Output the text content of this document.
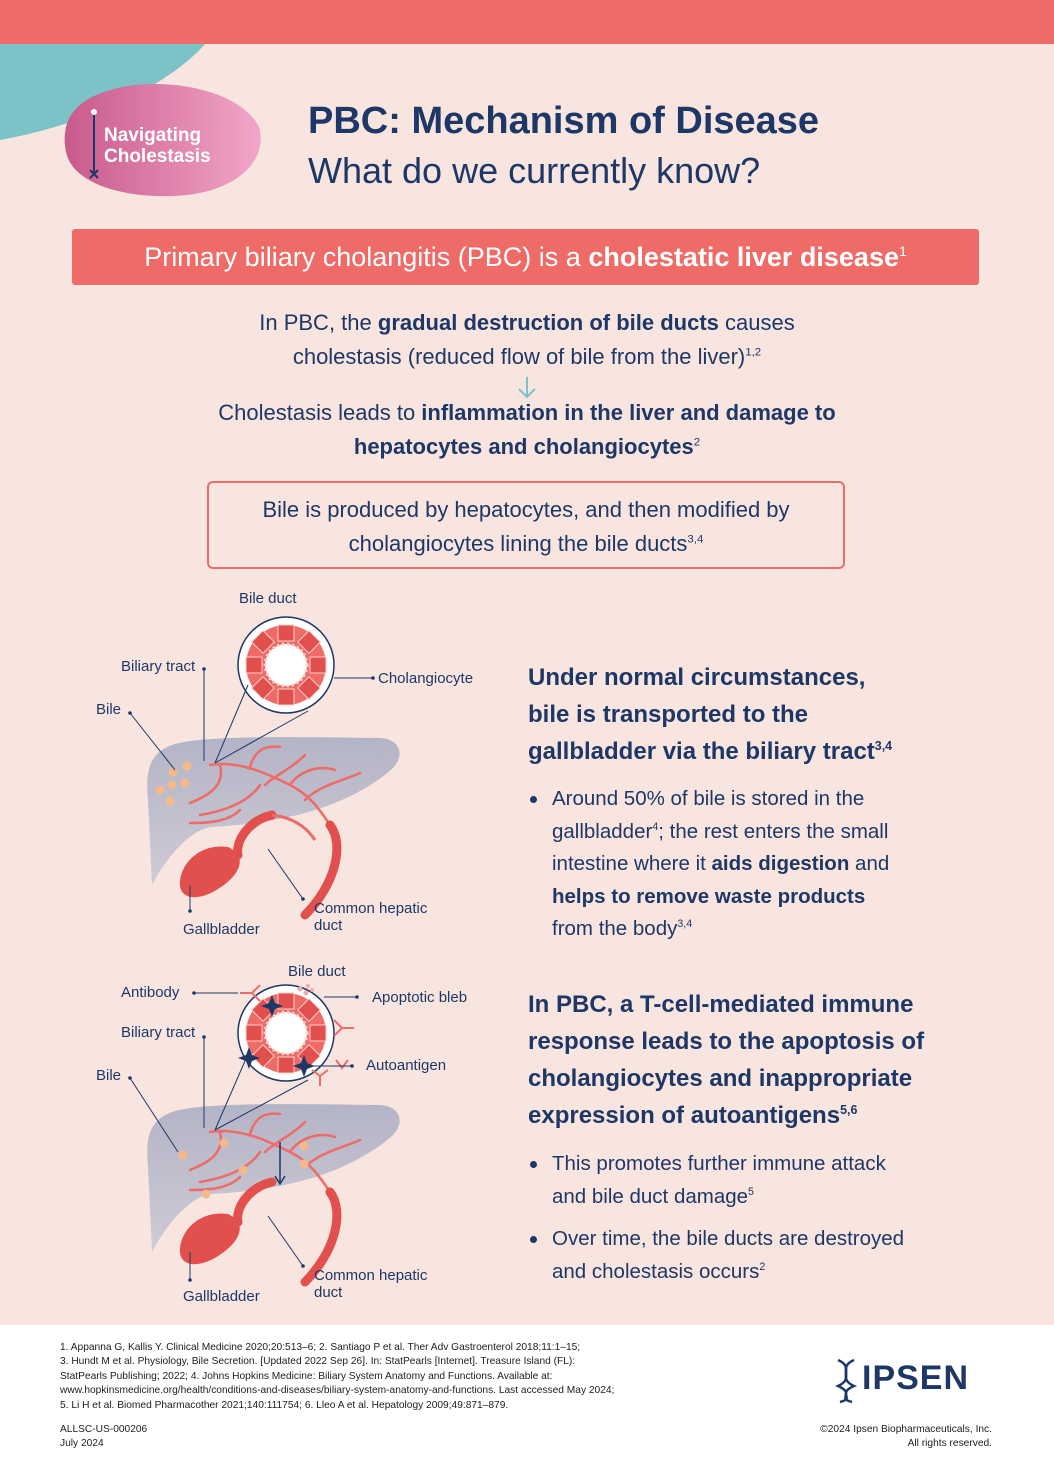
Navigating
Cholestasis
PBC: Mechanism of Disease
What do we currently know?
Primary biliary cholangitis (PBC) is a cholestatic liver disease$^1$
In PBC, the gradual destruction of bile ducts causes
cholestasis (reduced flow of bile from the liver)$^{1,2}$
Cholestasis leads to inflammation in the liver and damage to
hepatocytes and cholangiocytes$^2$
Bile is produced by hepatocytes, and then modified by
cholangiocytes lining the bile ducts$^{3,4}$
Bile duct
Biliary tract
Bile
Cholangiocyte
Gallbladder
Common hepatic
duct
Bile duct
Antibody	Apoptotic bleb
Biliary tract
Autoantigen
Bile
Gallbladder
Common hepatic
duct
Under normal circumstances,
bile is transported to the
gallbladder via the biliary tract$^{3,4}$
Around 50% of bile is stored in the
gallbladder$^4$; the rest enters the small
intestine where it aids digestion and
helps to remove waste products
from the body$^{3,4}$
In PBC, a T-cell-mediated immune
response leads to the apoptosis of
cholangiocytes and inappropriate
expression of autoantigens$^{5,6}$
This promotes further immune attack
and bile duct damage$^5$
Over time, the bile ducts are destroyed
and cholestasis occurs$^2$
1. Appanna G, Kallis Y. Clinical Medicine 2020;20:513–6; 2. Santiago P et al. Ther Adv Gastroenterol 2018;11:1–15;
3. Hundt M et al. Physiology, Bile Secretion. [Updated 2022 Sep 26]. In: StatPearls [Internet]. Treasure Island (FL):
StatPearls Publishing; 2022; 4. Johns Hopkins Medicine: Biliary System Anatomy and Functions. Available at:
www.hopkinsmedicine.org/health/conditions-and-diseases/biliary-system-anatomy-and-functions. Last accessed May 2024;
5. Li H et al. Biomed Pharmacother 2021;140:111754; 6. Lleo A et al. Hepatology 2009;49:871–879.
ALLSC-US-000206
July 2024
IPSEN
©2024 Ipsen Biopharmaceuticals, Inc.
All rights reserved.
